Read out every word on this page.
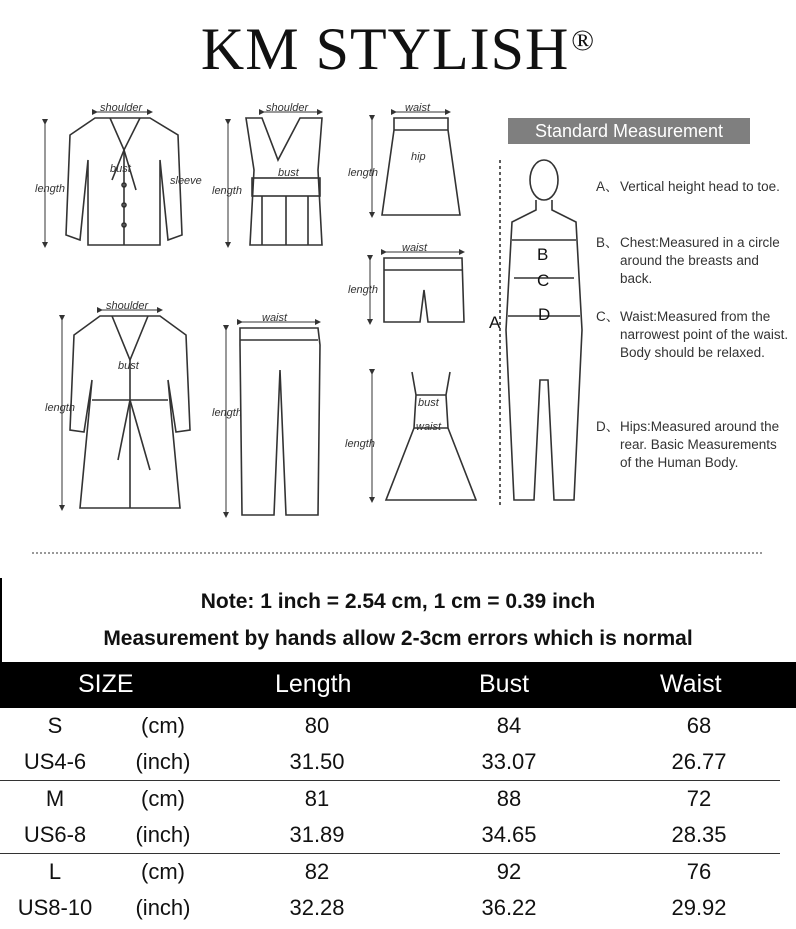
KM STYLISH®
shoulder
bust
length
sleeve
shoulder
bust
length
waist
hip
length
waist
length
shoulder
bust
length
waist
length
bust
waist
length
B
C
D
A
Standard Measurement
A、 Vertical height head to toe.
B、 Chest:Measured in a circle around the breasts and back.
C、 Waist:Measured from the narrowest point of the waist. Body should be relaxed.
D、 Hips:Measured around the rear. Basic Measurements of the Human Body.
Note: 1 inch = 2.54 cm, 1 cm = 0.39 inch
Measurement by hands allow 2-3cm errors which is normal
SIZE	Length	Bust	Waist
S	(cm)	80	84	68
US4-6	(inch)	31.50	33.07	26.77
M	(cm)	81	88	72
US6-8	(inch)	31.89	34.65	28.35
L	(cm)	82	92	76
US8-10	(inch)	32.28	36.22	29.92
